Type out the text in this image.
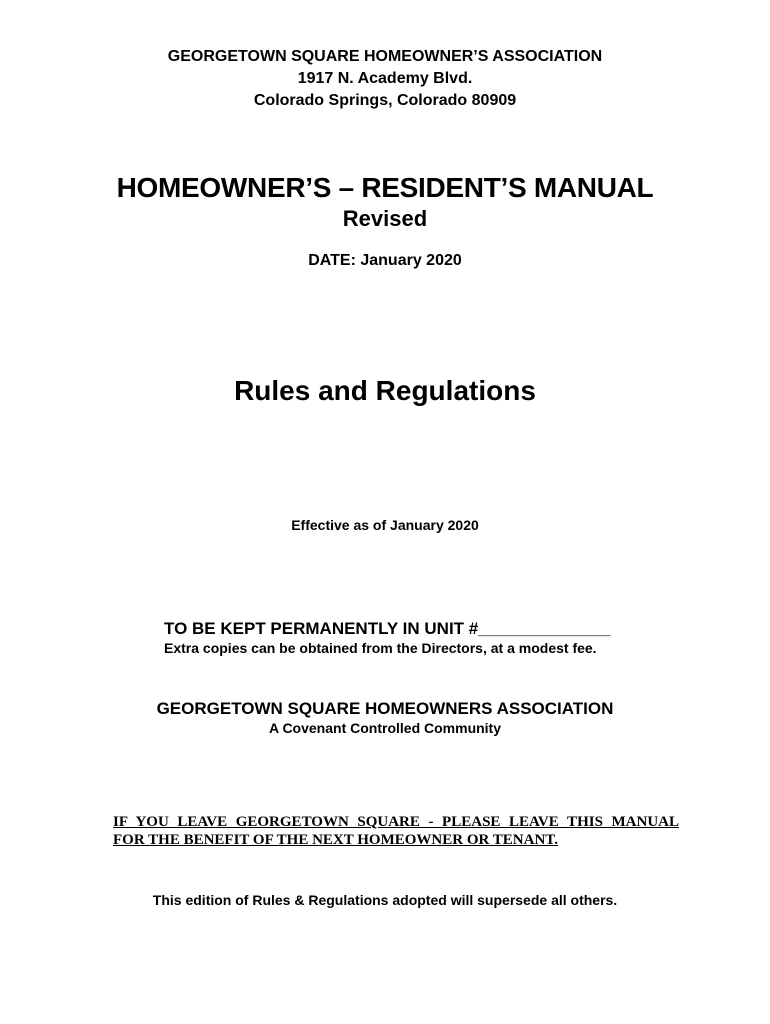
GEORGETOWN SQUARE HOMEOWNER’S ASSOCIATION
1917 N. Academy Blvd.
Colorado Springs, Colorado 80909
HOMEOWNER’S – RESIDENT’S MANUAL
Revised
DATE: January 2020
Rules and Regulations
Effective as of January 2020
TO BE KEPT PERMANENTLY IN UNIT #______________
Extra copies can be obtained from the Directors, at a modest fee.
GEORGETOWN SQUARE HOMEOWNERS ASSOCIATION
A Covenant Controlled Community
IF YOU LEAVE GEORGETOWN SQUARE - PLEASE LEAVE THIS MANUAL
FOR THE BENEFIT OF THE NEXT HOMEOWNER OR TENANT.
This edition of Rules & Regulations adopted will supersede all others.
